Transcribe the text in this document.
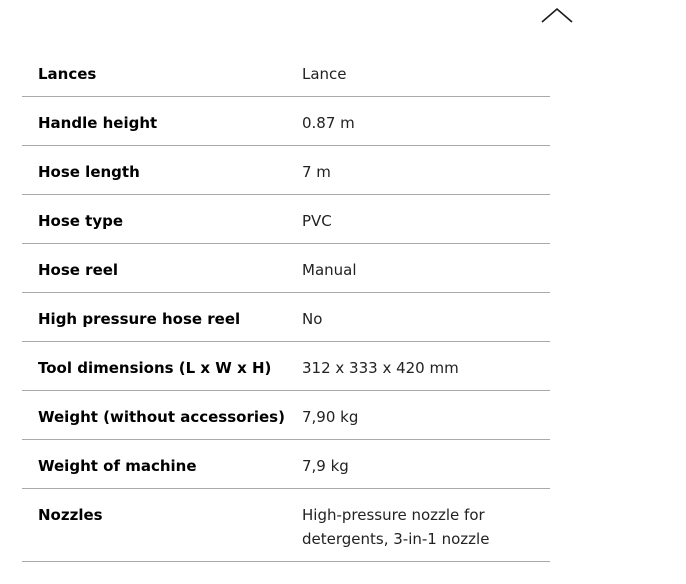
Lances	Lance
Handle height	0.87 m
Hose length	7 m
Hose type	PVC
Hose reel	Manual
High pressure hose reel	No
Tool dimensions (L x W x H)	312 x 333 x 420 mm
Weight (without accessories)	7,90 kg
Weight of machine	7,9 kg
Nozzles	High-pressure nozzle for detergents, 3-in-1 nozzle
